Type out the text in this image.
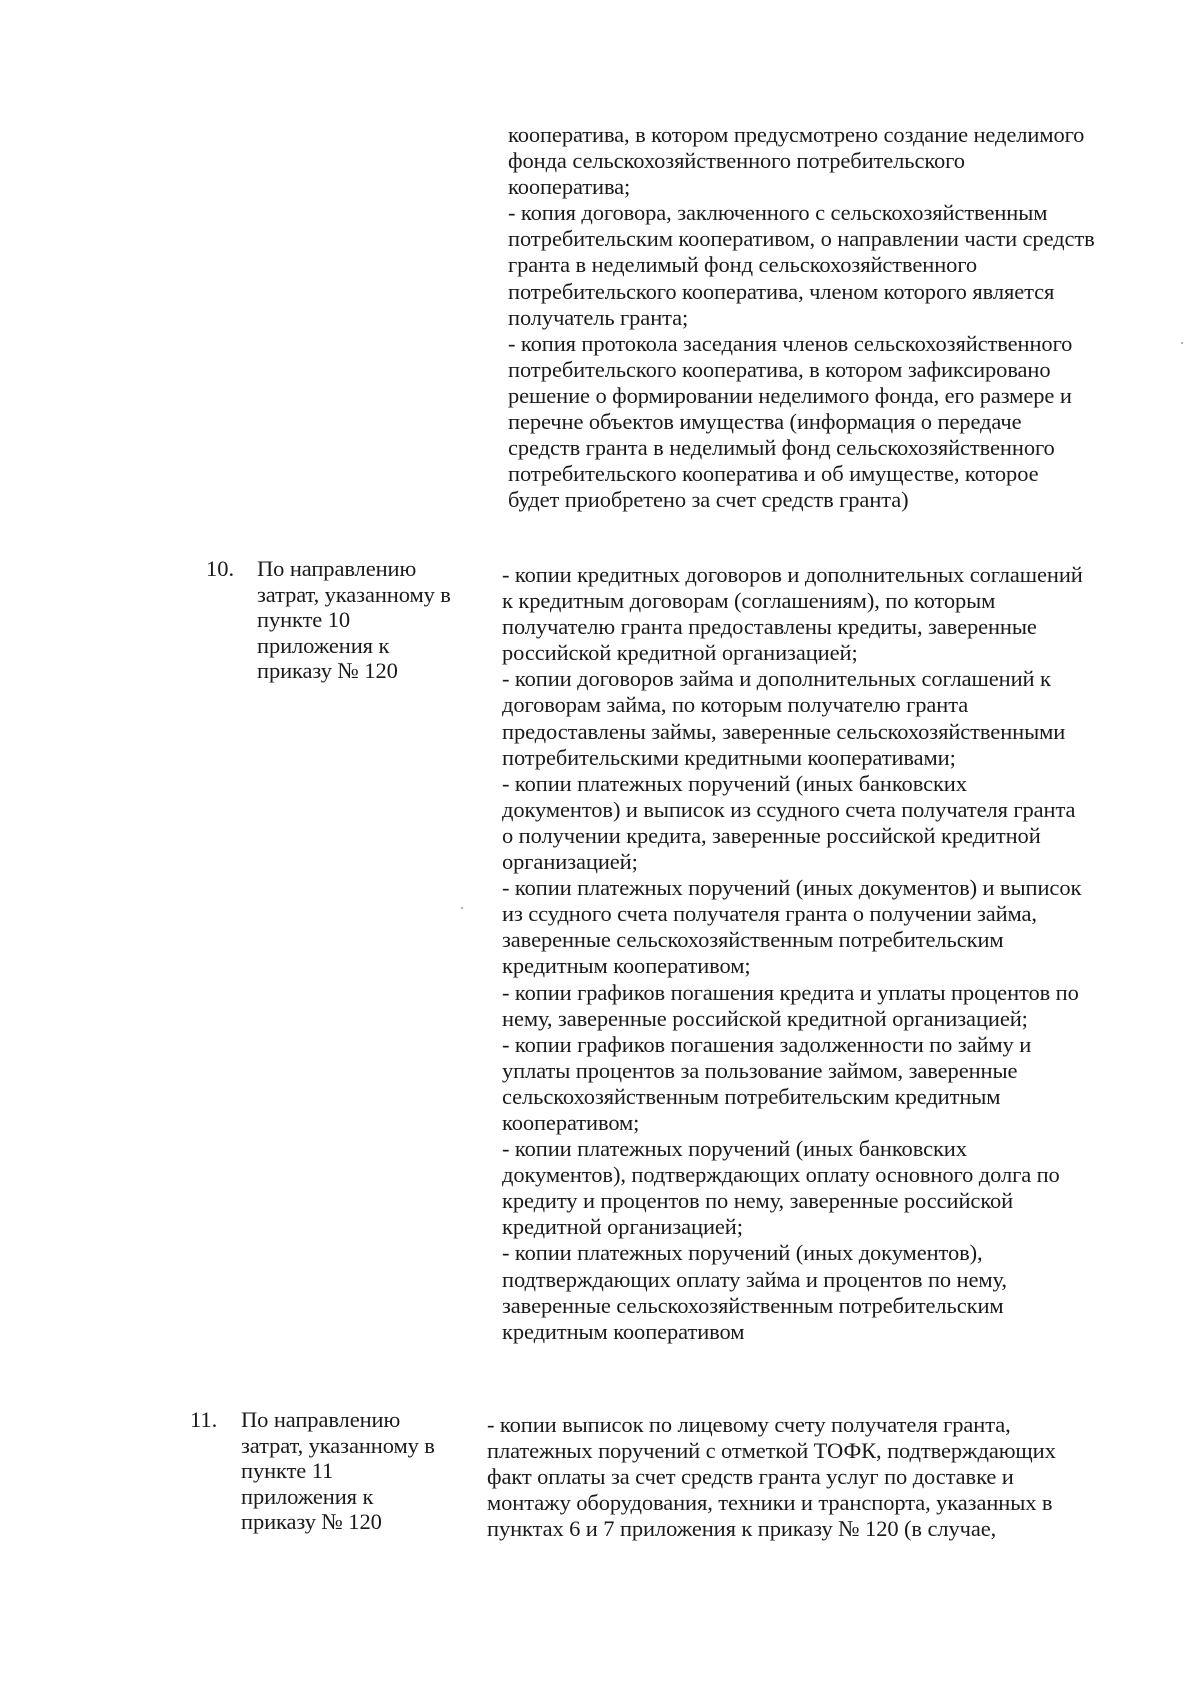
кооператива, в котором предусмотрено создание неделимого
фонда сельскохозяйственного потребительского
кооператива;
- копия договора, заключенного с сельскохозяйственным
потребительским кооперативом, о направлении части средств
гранта в неделимый фонд сельскохозяйственного
потребительского кооператива, членом которого является
получатель гранта;
- копия протокола заседания членов сельскохозяйственного
потребительского кооператива, в котором зафиксировано
решение о формировании неделимого фонда, его размере и
перечне объектов имущества (информация о передаче
средств гранта в неделимый фонд сельскохозяйственного
потребительского кооператива и об имуществе, которое
будет приобретено за счет средств гранта)
10. По направлению
затрат, указанному в
пункте 10
приложения к
приказу № 120
- копии кредитных договоров и дополнительных соглашений
к кредитным договорам (соглашениям), по которым
получателю гранта предоставлены кредиты, заверенные
российской кредитной организацией;
- копии договоров займа и дополнительных соглашений к
договорам займа, по которым получателю гранта
предоставлены займы, заверенные сельскохозяйственными
потребительскими кредитными кооперативами;
- копии платежных поручений (иных банковских
документов) и выписок из ссудного счета получателя гранта
о получении кредита, заверенные российской кредитной
организацией;
- копии платежных поручений (иных документов) и выписок
из ссудного счета получателя гранта о получении займа,
заверенные сельскохозяйственным потребительским
кредитным кооперативом;
- копии графиков погашения кредита и уплаты процентов по
нему, заверенные российской кредитной организацией;
- копии графиков погашения задолженности по займу и
уплаты процентов за пользование займом, заверенные
сельскохозяйственным потребительским кредитным
кооперативом;
- копии платежных поручений (иных банковских
документов), подтверждающих оплату основного долга по
кредиту и процентов по нему, заверенные российской
кредитной организацией;
- копии платежных поручений (иных документов),
подтверждающих оплату займа и процентов по нему,
заверенные сельскохозяйственным потребительским
кредитным кооперативом
11. По направлению
затрат, указанному в
пункте 11
приложения к
приказу № 120
- копии выписок по лицевому счету получателя гранта,
платежных поручений с отметкой ТОФК, подтверждающих
факт оплаты за счет средств гранта услуг по доставке и
монтажу оборудования, техники и транспорта, указанных в
пунктах 6 и 7 приложения к приказу № 120 (в случае,
